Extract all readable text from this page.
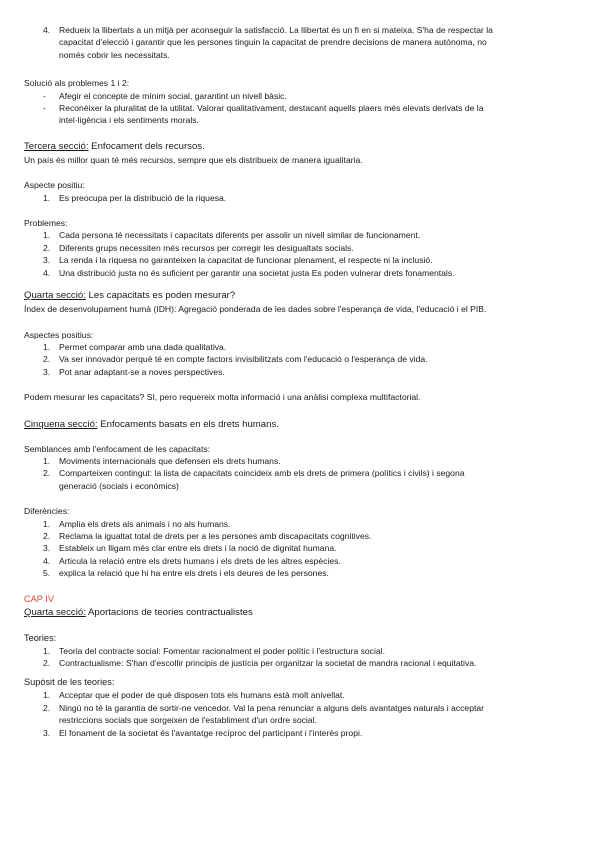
4. Redueix la llibertats a un mitjà per aconseguir la satisfacció. La llibertat és un fi en si mateixa. S'ha de respectar la
capacitat d'elecció i garantir que les persones tinguin la capacitat de prendre decisions de manera autònoma, no
només cobrir les necessitats.

Solució als problemes 1 i 2:

- Afegir el concepte de mínim social, garantint un nivell bàsic.
- Reconèixer la pluralitat de la utilitat. Valorar qualitativament, destacant aquells plaers més elevats derivats de la
intel·ligència i els sentiments morals.

Tercera secció: Enfocament dels recursos.

Un país és millor quan té més recursos, sempre que els distribueix de manera igualitaria.

Aspecte positiu:

1. Es preocupa per la distribució de la riquesa.

Problemes:

1. Cada persona té necessitats i capacitats diferents per assolir un nivell similar de funcionament.
2. Diferents grups necessiten més recursos per corregir les desigualtats socials.
3. La renda i la riquesa no garanteixen la capacitat de funcionar plenament, el respecte ni la inclusió.
4. Una distribució justa no és suficient per garantir una societat justa Es poden vulnerar drets fonamentals.

Quarta secció: Les capacitats es poden mesurar?

Índex de desenvolupament humà (IDH): Agregació ponderada de les dades sobre l'esperança de vida, l'educació i el PIB.

Aspectes positius:

1. Permet comparar amb una dada qualitativa.
2. Va ser innovador perquè té en compte factors invisibilitzats com l'educació o l'esperança de vida.
3. Pot anar adaptant-se a noves perspectives.

Podem mesurar les capacitats? SI, pero requereix molta informació i una anàlisi complexa multifactorial.

Cinquena secció: Enfocaments basats en els drets humans.

Semblances amb l'enfocament de les capacitats:

1. Moviments internacionals que defensen els drets humans.
2. Comparteixen contingut: la lista de capacitats coincideix amb els drets de primera (polítics i civils) i segona
generació (socials i econòmics)

Diferències:

1. Amplia els drets als animals i no als humans.
2. Reclama la igualtat total de drets per a les persones amb discapacitats cognitives.
3. Estableix un lligam més clar entre els drets i la noció de dignitat humana.
4. Articula la relació entre els drets humans i els drets de les altres espècies.
5. explica la relació que hi ha entre els drets i els deures de les persones.

CAP IV

Quarta secció: Aportacions de teories contractualistes

Teories:

1. Teoria del contracte social: Fomentar racionalment el poder polític i l'estructura social.
2. Contractualisme: S'han d'escollir principis de justícia per organitzar la societat de mandra racional i equitativa.

Supòsit de les teories:

1. Acceptar que el poder de què disposen tots els humans està molt anivellat.
2. Ningú no té la garantia de sortir-ne vencedor. Val la pena renunciar a alguns dels avantatges naturals i acceptar
restriccions socials que sorgeixen de l'establiment d'un ordre social.
3. El fonament de la societat és l'avantatge recíproc del participant i l'interès propi.
